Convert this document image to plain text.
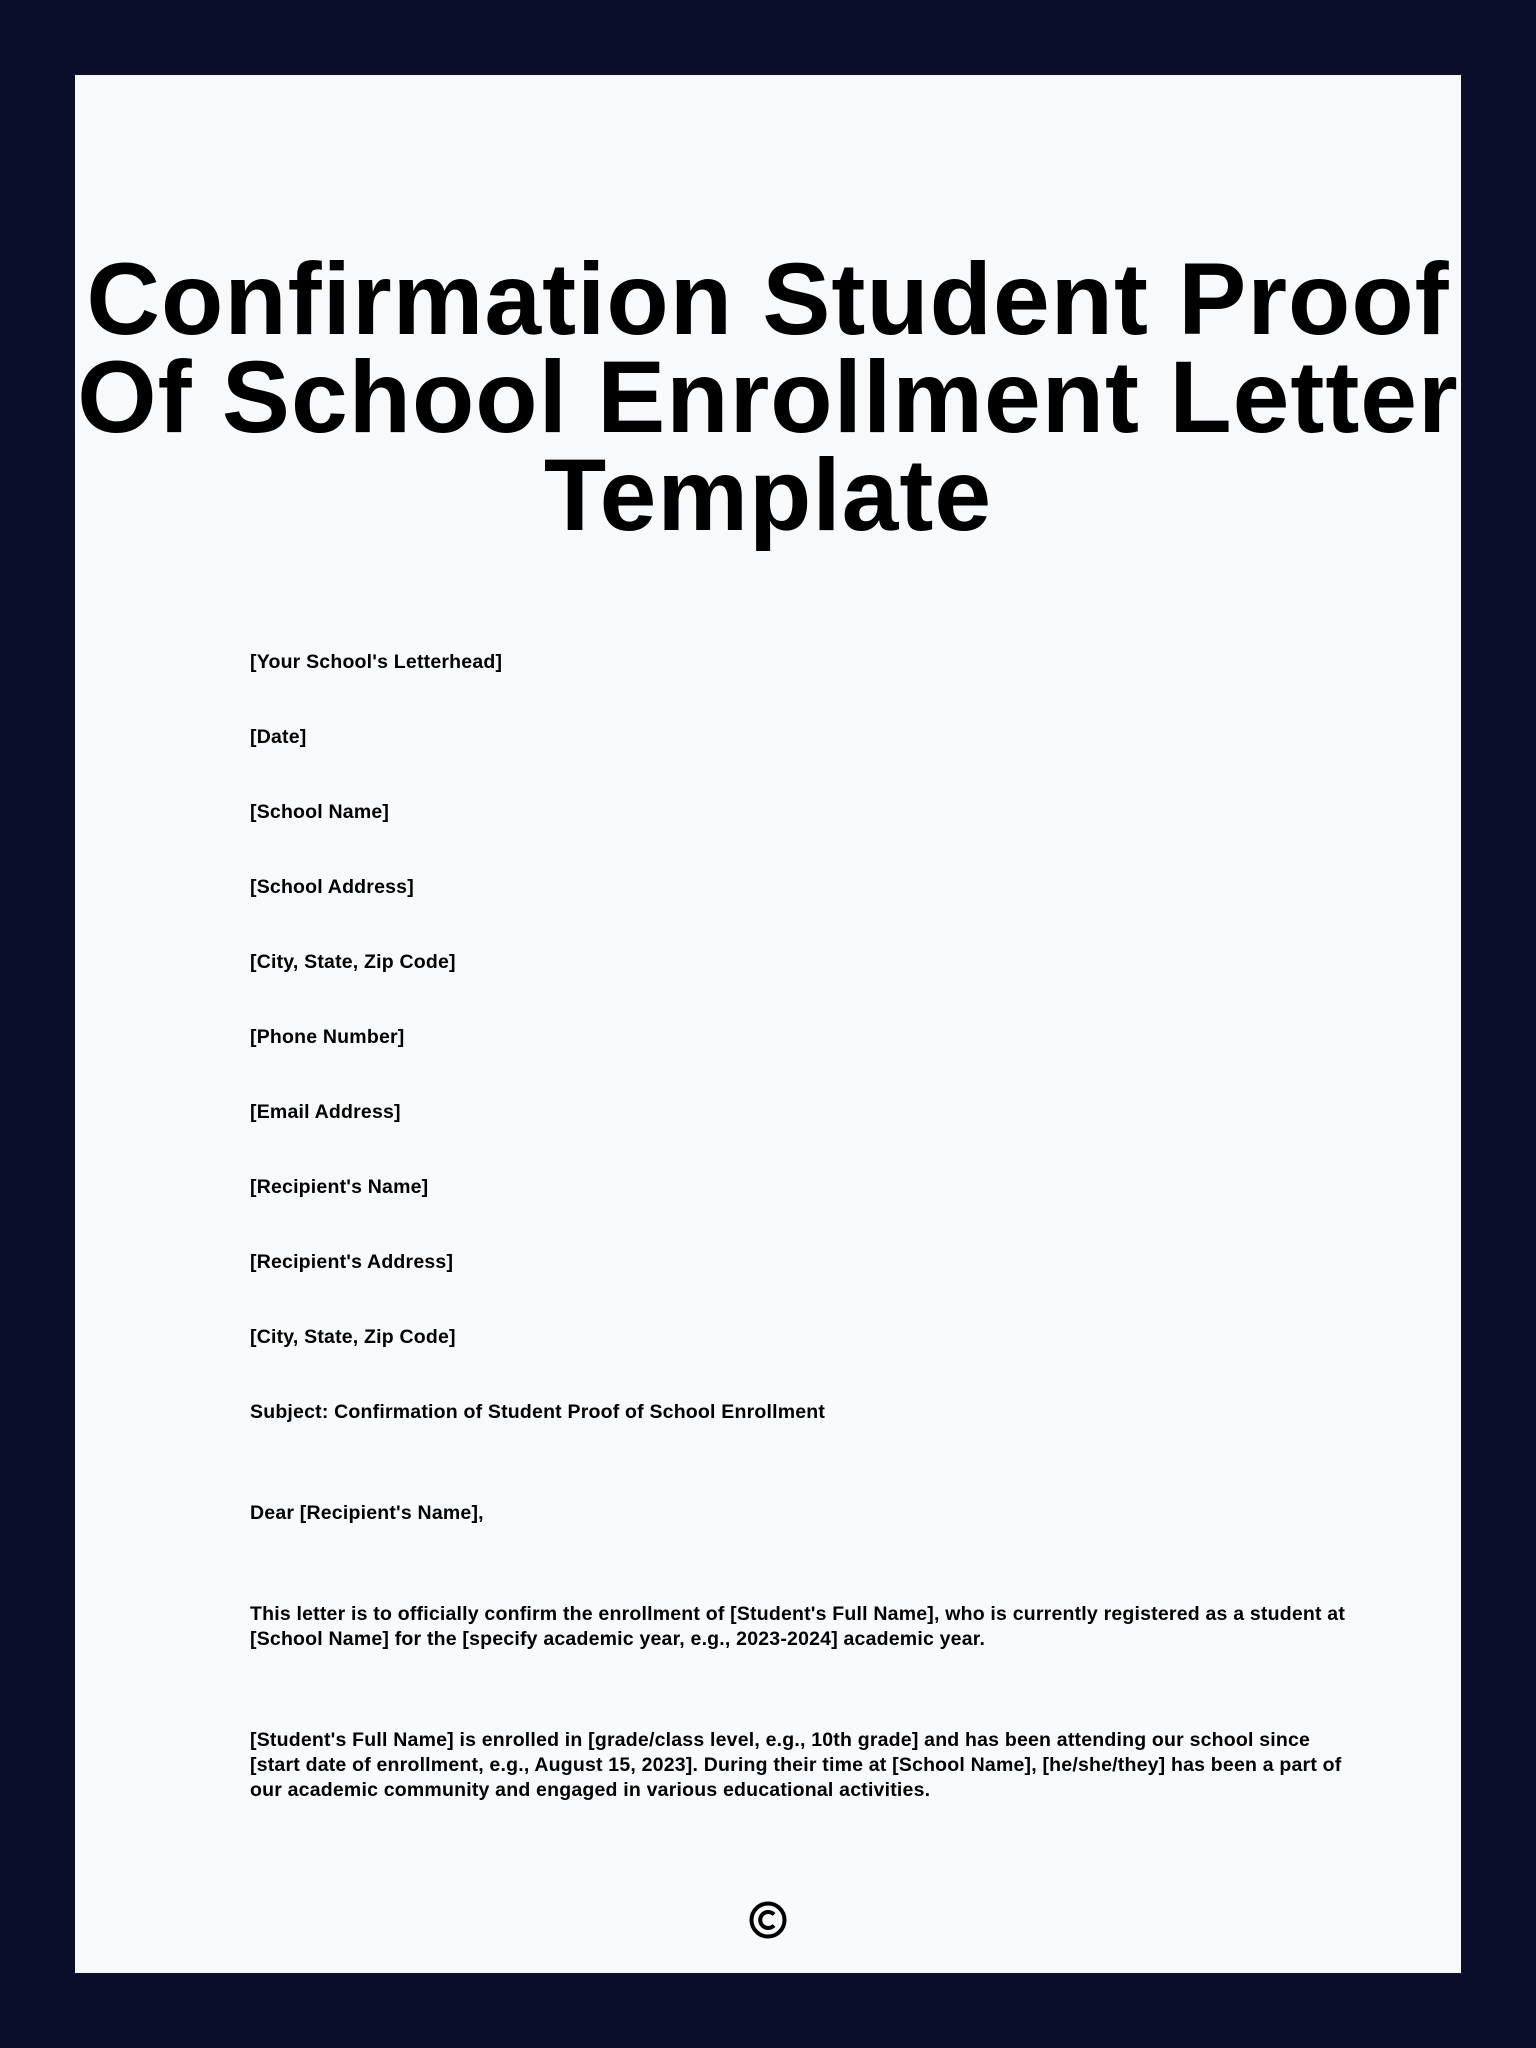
Confirmation Student Proof Of School Enrollment Letter Template
[Your School's Letterhead]
[Date]
[School Name]
[School Address]
[City, State, Zip Code]
[Phone Number]
[Email Address]
[Recipient's Name]
[Recipient's Address]
[City, State, Zip Code]
Subject: Confirmation of Student Proof of School Enrollment
Dear [Recipient's Name],

This letter is to officially confirm the enrollment of [Student's Full Name], who is currently registered as a student at [School Name] for the [specify academic year, e.g., 2023-2024] academic year.

[Student's Full Name] is enrolled in [grade/class level, e.g., 10th grade] and has been attending our school since [start date of enrollment, e.g., August 15, 2023]. During their time at [School Name], [he/she/they] has been a part of our academic community and engaged in various educational activities.
